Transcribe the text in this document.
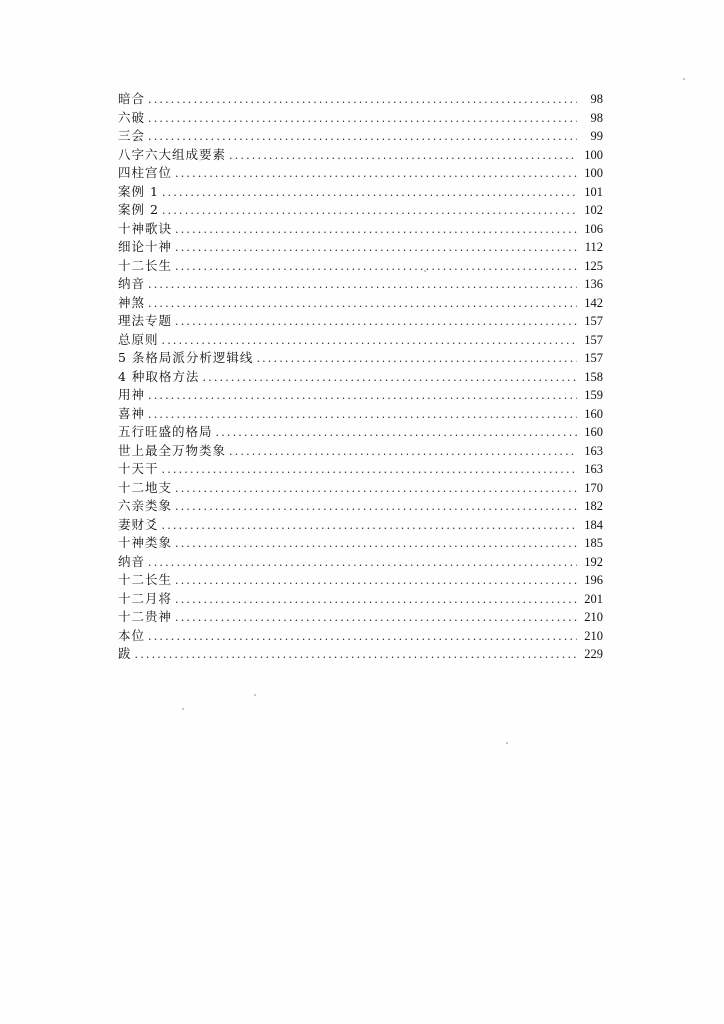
暗合 .....	98
六破 .....	98
三会 .....	99
八字六大组成要素 .....	100
四柱宫位 .....	100
案例 1 .....	101
案例 2 .....	102
十神歌诀 .....	106
细论十神 .....	112
十二长生 .....	125
纳音 .....	136
神煞 .....	142
理法专题 .....	157
总原则 .....	157
5 条格局派分析逻辑线 .....	157
4 种取格方法 .....	158
用神 .....	159
喜神 .....	160
五行旺盛的格局 .....	160
世上最全万物类象 .....	163
十天干 .....	163
十二地支 .....	170
六亲类象 .....	182
妻财爻 .....	184
十神类象 .....	185
纳音 .....	192
十二长生 .....	196
十二月将 .....	201
十二贵神 .....	210
本位 .....	210
跋 .....	229
